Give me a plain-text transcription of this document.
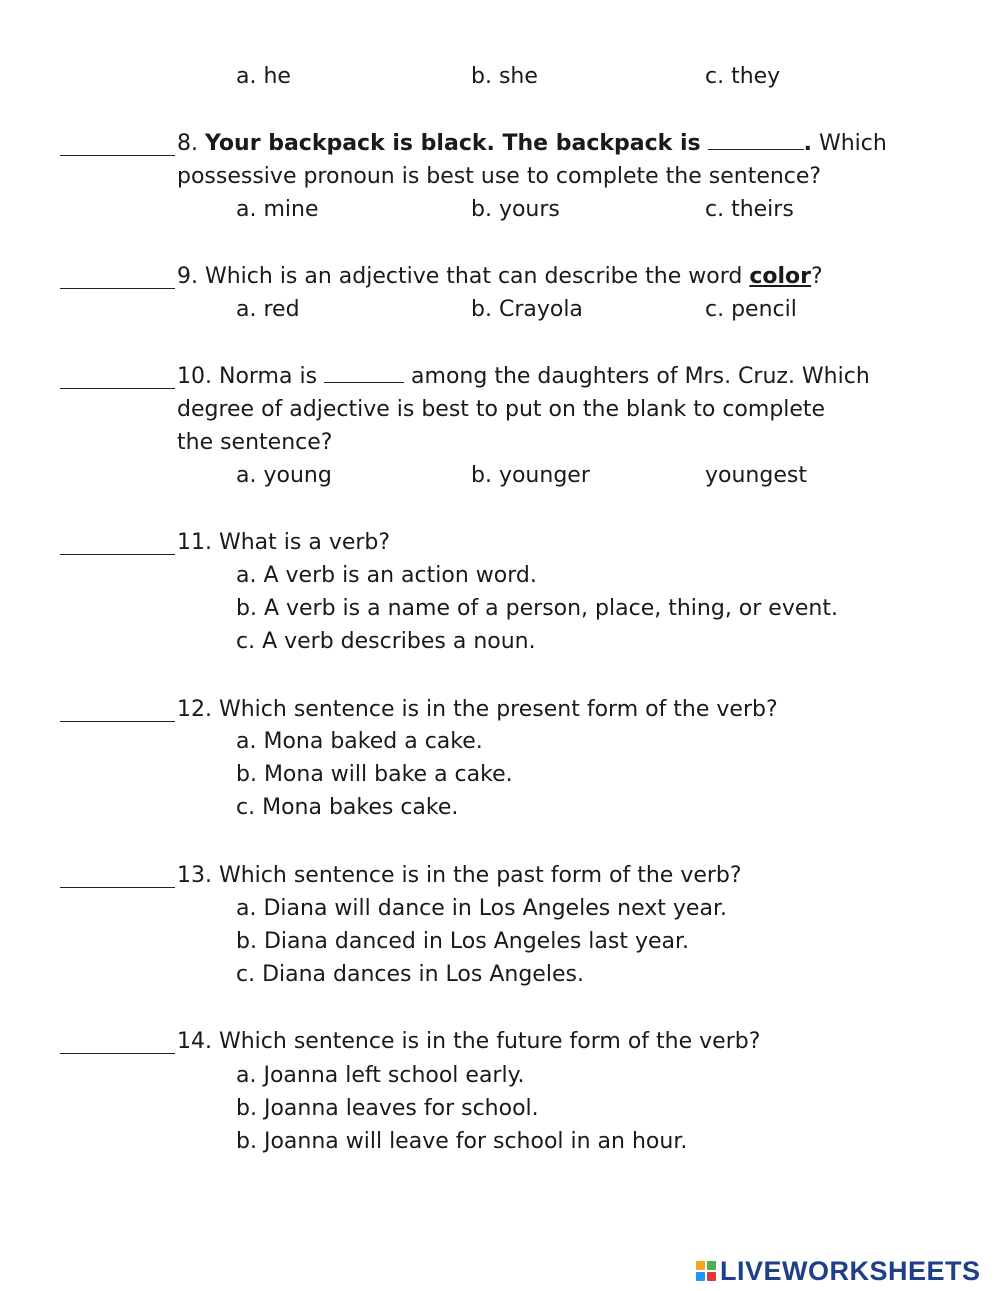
a. he	b. she	c. they
8. Your backpack is black. The backpack is	. Which
possessive pronoun is best use to complete the sentence?
a. mine	b. yours	c. theirs
9. Which is an adjective that can describe the word color?
a. red	b. Crayola	c. pencil
10. Norma is	among the daughters of Mrs. Cruz. Which
degree of adjective is best to put on the blank to complete
the sentence?
a. young	b. younger	youngest
11. What is a verb?
a. A verb is an action word.
b. A verb is a name of a person, place, thing, or event.
c. A verb describes a noun.
12. Which sentence is in the present form of the verb?
a. Mona baked a cake.
b. Mona will bake a cake.
c. Mona bakes cake.
13. Which sentence is in the past form of the verb?
a. Diana will dance in Los Angeles next year.
b. Diana danced in Los Angeles last year.
c. Diana dances in Los Angeles.
14. Which sentence is in the future form of the verb?
a. Joanna left school early.
b. Joanna leaves for school.
b. Joanna will leave for school in an hour.
LIVEWORKSHEETS
